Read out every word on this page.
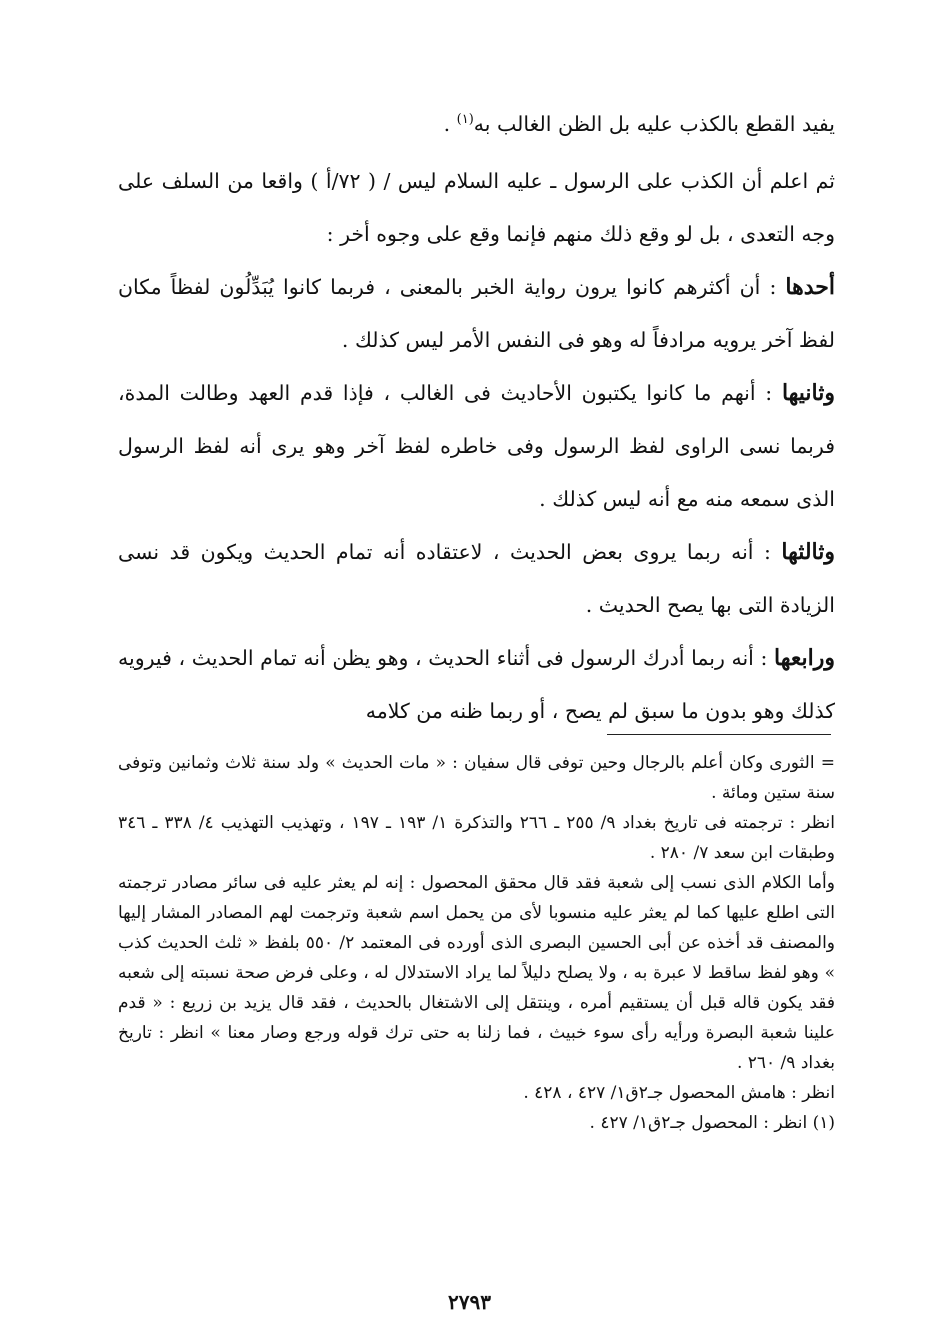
يفيد القطع بالكذب عليه بل الظن الغالب به$^{(١)}$ .

ثم اعلم أن الكذب على الرسول ـ عليه السلام ليس / ( ٧٢/أ ) واقعا من السلف على وجه التعدى ، بل لو وقع ذلك منهم فإنما وقع على وجوه أخر :

أحدها : أن أكثرهم كانوا يرون رواية الخبر بالمعنى ، فربما كانوا يُبَدِّلُون لفظاً مكان لفظ آخر يرويه مرادفاً له وهو فى النفس الأمر ليس كذلك .

وثانيها : أنهم ما كانوا يكتبون الأحاديث فى الغالب ، فإذا قدم العهد وطالت المدة، فربما نسى الراوى لفظ الرسول وفى خاطره لفظ آخر وهو يرى أنه لفظ الرسول الذى سمعه منه مع أنه ليس كذلك .

وثالثها : أنه ربما يروى بعض الحديث ، لاعتقاده أنه تمام الحديث ويكون قد نسى الزيادة التى بها يصح الحديث .

ورابعها : أنه ربما أدرك الرسول فى أثناء الحديث ، وهو يظن أنه تمام الحديث ، فيرويه كذلك وهو بدون ما سبق لم يصح ، أو ربما ظنه من كلامه

= الثورى وكان أعلم بالرجال وحين توفى قال سفيان : « مات الحديث » ولد سنة ثلاث وثمانين وتوفى سنة ستين ومائة .

انظر : ترجمته فى تاريخ بغداد ٩/ ٢٥٥ ـ ٢٦٦ والتذكرة ١/ ١٩٣ ـ ١٩٧ ، وتهذيب التهذيب ٤/ ٣٣٨ ـ ٣٤٦ وطبقات ابن سعد ٧/ ٢٨٠ .

وأما الكلام الذى نسب إلى شعبة فقد قال محقق المحصول : إنه لم يعثر عليه فى سائر مصادر ترجمته التى اطلع عليها كما لم يعثر عليه منسوبا لأى من يحمل اسم شعبة وترجمت لهم المصادر المشار إليها والمصنف قد أخذه عن أبى الحسين البصرى الذى أورده فى المعتمد ٢/ ٥٥٠ بلفظ « ثلث الحديث كذب » وهو لفظ ساقط لا عبرة به ، ولا يصلح دليلاً لما يراد الاستدلال له ، وعلى فرض صحة نسبته إلى شعبه فقد يكون قاله قبل أن يستقيم أمره ، وينتقل إلى الاشتغال بالحديث ، فقد قال يزيد بن زريع : « قدم علينا شعبة البصرة ورأيه رأى سوء خبيث ، فما زلنا به حتى ترك قوله ورجع وصار معنا » انظر : تاريخ بغداد ٩/ ٢٦٠ .

انظر : هامش المحصول جـ٢ق١/ ٤٢٧ ، ٤٢٨ .

(١) انظر : المحصول جـ٢ق١/ ٤٢٧ .

٢٧٩٣
